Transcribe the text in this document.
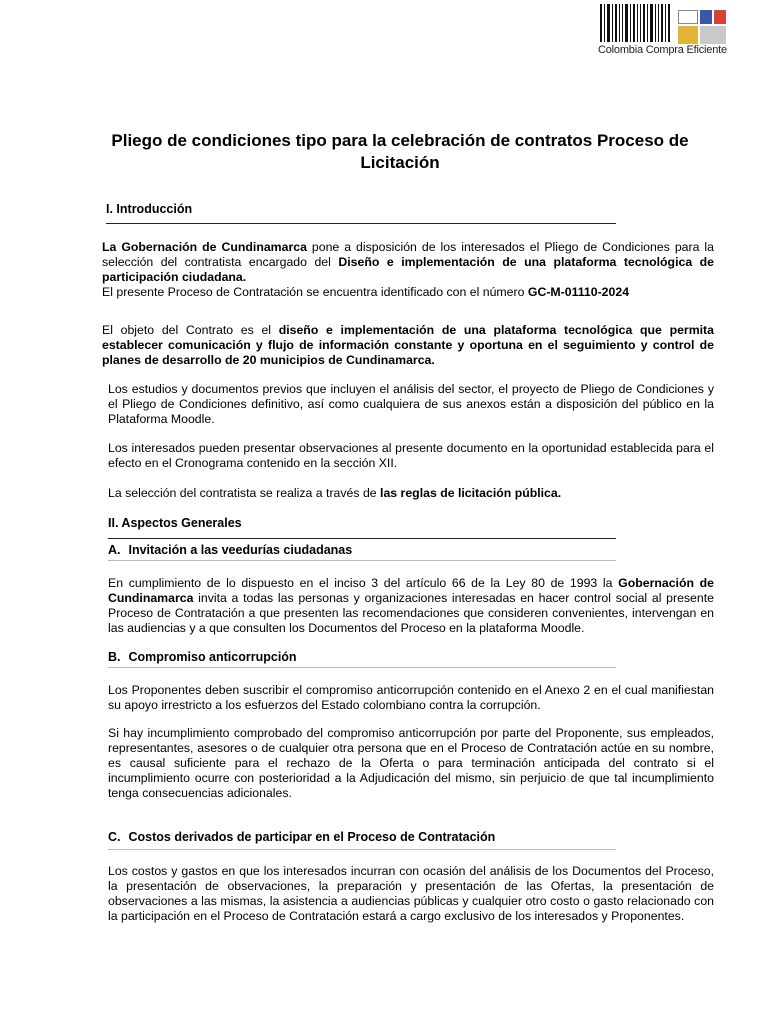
Colombia Compra Eficiente
Pliego de condiciones tipo para la celebración de contratos Proceso de Licitación
I. Introducción
La Gobernación de Cundinamarca pone a disposición de los interesados el Pliego de Condiciones para la selección del contratista encargado del Diseño e implementación de una plataforma tecnológica de participación ciudadana.
El presente Proceso de Contratación se encuentra identificado con el número GC-M-01110-2024
El objeto del Contrato es el diseño e implementación de una plataforma tecnológica que permita establecer comunicación y flujo de información constante y oportuna en el seguimiento y control de planes de desarrollo de 20 municipios de Cundinamarca.
Los estudios y documentos previos que incluyen el análisis del sector, el proyecto de Pliego de Condiciones y el Pliego de Condiciones definitivo, así como cualquiera de sus anexos están a disposición del público en la Plataforma Moodle.
Los interesados pueden presentar observaciones al presente documento en la oportunidad establecida para el efecto en el Cronograma contenido en la sección XII.
La selección del contratista se realiza a través de las reglas de licitación pública.
II. Aspectos Generales
A. Invitación a las veedurías ciudadanas
En cumplimiento de lo dispuesto en el inciso 3 del artículo 66 de la Ley 80 de 1993 la Gobernación de Cundinamarca invita a todas las personas y organizaciones interesadas en hacer control social al presente Proceso de Contratación a que presenten las recomendaciones que consideren convenientes, intervengan en las audiencias y a que consulten los Documentos del Proceso en la plataforma Moodle.
B. Compromiso anticorrupción
Los Proponentes deben suscribir el compromiso anticorrupción contenido en el Anexo 2 en el cual manifiestan su apoyo irrestricto a los esfuerzos del Estado colombiano contra la corrupción.
Si hay incumplimiento comprobado del compromiso anticorrupción por parte del Proponente, sus empleados, representantes, asesores o de cualquier otra persona que en el Proceso de Contratación actúe en su nombre, es causal suficiente para el rechazo de la Oferta o para terminación anticipada del contrato si el incumplimiento ocurre con posterioridad a la Adjudicación del mismo, sin perjuicio de que tal incumplimiento tenga consecuencias adicionales.
C. Costos derivados de participar en el Proceso de Contratación
Los costos y gastos en que los interesados incurran con ocasión del análisis de los Documentos del Proceso, la presentación de observaciones, la preparación y presentación de las Ofertas, la presentación de observaciones a las mismas, la asistencia a audiencias públicas y cualquier otro costo o gasto relacionado con la participación en el Proceso de Contratación estará a cargo exclusivo de los interesados y Proponentes.
